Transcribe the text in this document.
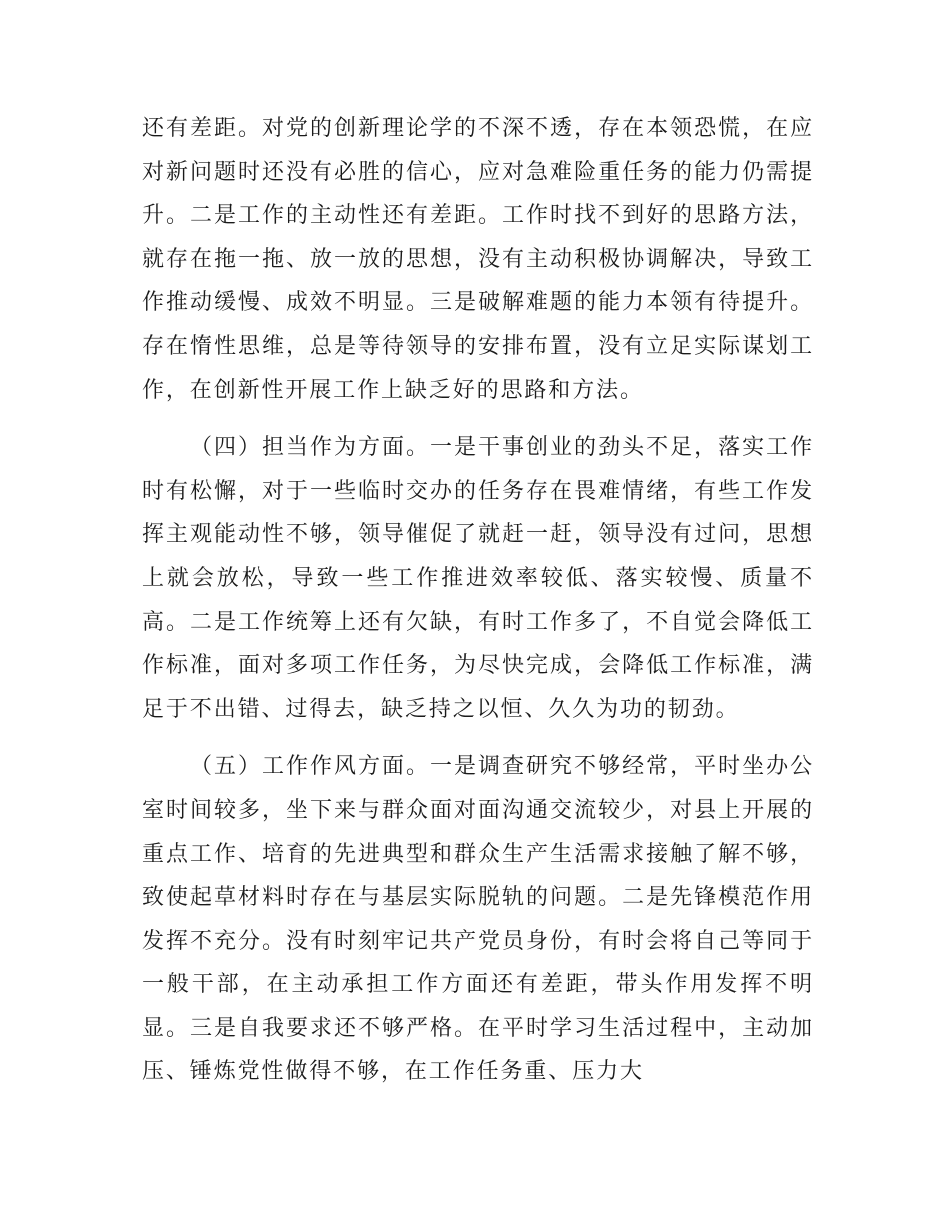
还有差距。对党的创新理论学的不深不透，存在本领恐慌，在应对新问题时还没有必胜的信心，应对急难险重任务的能力仍需提升。二是工作的主动性还有差距。工作时找不到好的思路方法，就存在拖一拖、放一放的思想，没有主动积极协调解决，导致工作推动缓慢、成效不明显。三是破解难题的能力本领有待提升。存在惰性思维，总是等待领导的安排布置，没有立足实际谋划工作，在创新性开展工作上缺乏好的思路和方法。

（四）担当作为方面。一是干事创业的劲头不足，落实工作时有松懈，对于一些临时交办的任务存在畏难情绪，有些工作发挥主观能动性不够，领导催促了就赶一赶，领导没有过问，思想上就会放松，导致一些工作推进效率较低、落实较慢、质量不高。二是工作统筹上还有欠缺，有时工作多了，不自觉会降低工作标准，面对多项工作任务，为尽快完成，会降低工作标准，满足于不出错、过得去，缺乏持之以恒、久久为功的韧劲。

（五）工作作风方面。一是调查研究不够经常，平时坐办公室时间较多，坐下来与群众面对面沟通交流较少，对县上开展的重点工作、培育的先进典型和群众生产生活需求接触了解不够，致使起草材料时存在与基层实际脱轨的问题。二是先锋模范作用发挥不充分。没有时刻牢记共产党员身份，有时会将自己等同于一般干部，在主动承担工作方面还有差距，带头作用发挥不明显。三是自我要求还不够严格。在平时学习生活过程中，主动加压、锤炼党性做得不够，在工作任务重、压力大
